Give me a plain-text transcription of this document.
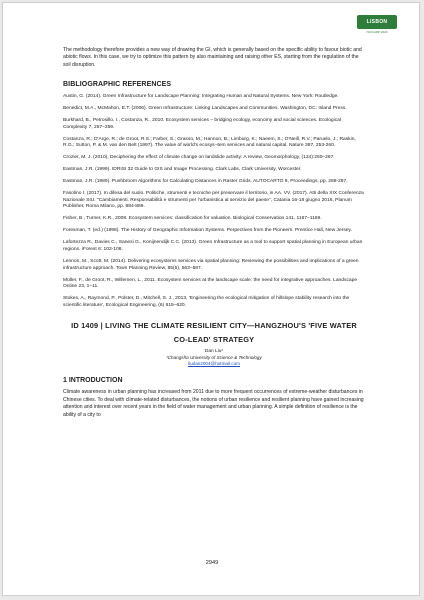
LISBON
ISOCARP 2020

The methodology therefore provides a new way of drawing the GI, which is generally based on the specific ability to favour biotic and abiotic flows. In this case, we try to optimize this pattern by also maintaining and raising other ES, starting from the regulation of the soil disruption.

BIBLIOGRAPHIC REFERENCES

Austin, G. (2014). Green Infrastructure for Landscape Planning: Integrating Human and Natural Systems. New York: Routledge.

Benedict, M.A., McMahon, E.T. (2006). Green Infrastructure: Linking Landscapes and Communities. Washington, DC: Island Press.

Burkhard, B., Petrosillo, I., Costanza, R., 2010. Ecosystem services – bridging ecology, economy and social sciences. Ecological Complexity 7, 257–259.

Costanza, R.; D'Arge, R.; de Groot, R.S.; Farber, S.; Grasso, M.; Hannon, B.; Limburg, K.; Naeem, S.; O'Neill, R.V.; Paruelo, J.; Raskin, R.G.; Sutton, P. & M. van den Belt (1997). The value of world's ecosys¬tem services and natural capital. Nature 387, 253-260.

Crozier, M. J. (2010), Deciphering the effect of climate change on landslide activity: A review, Geomorphology, (124):260–267.

Eastman, J.R. (1999). IDRISI 32 Guide to GIS and Image Processing. Clark Labs, Clark University, Worcester.

Eastman, J.R. (1989). Pushbroom Algorithms for Calculating Distances in Raster Grids. AUTOCARTO 9, Proceedings, pp. 288-297.

Fasolino I. (2017). In difesa del suolo. Politiche, strumenti e tecniche per preservare il territorio, in AA. VV. (2017). Atti della XIX Conferenza Nazionale SIU. "Cambiamenti. Responsabilità e strumenti per l'urbanistica al servizio del paese", Catania 16-18 giugno 2016, Planum Publisher, Roma Milano, pp. 884-889.

Fisher, B., Turner, K.R., 2008. Ecosystem services: classification for valuation. Biological Conservation 141, 1167–1169.

Foresman, T. (ed.) (1998). The History of Geographic Information Systems. Perpectives from the Pioneers. Prentice Hall, New Jersey.

Lafortezza R., Davies C., Sanesi G., Konijnendijk C.C. (2013). Green Infrastructure as a tool to support spatial planning in European urban regions. iForest 6: 102-108.

Lennon, M., Scott, M. (2014). Delivering ecosystems services via spatial planning: Reviewing the possibilities and implications of a green infrastructure approach. Town Planning Review, 85(5), 563–587.

Müller, F., de Groot, R., Willemen, L., 2011. Ecosystem services at the landscape scale: the need for integrative approaches. Landscape Online 23, 1–11.

Stokes, A., Raymond, P., Polster, D., Mitchell, S. J., 2013, 'Engineering the ecological mitigation of hillslope stability research into the scientific literature', Ecological Engineering, (6) 615–620.

ID 1409 | LIVING THE CLIMATE RESILIENT CITY—HANGZHOU'S 'FIVE WATER CO-LEAD' STRATEGY
Dan Liu¹
¹Changsha University of Science & Technology
liudan2004@hotmail.com
1 INTRODUCTION

Climate awareness in urban planning has increased from 2011 due to more frequent occurrences of extreme-weather disturbances in Chinese cities. To deal with climate-related disturbances, the notions of urban resilience and resilient planning have gained increasing attention and interest over recent years in the field of water management and urban planning. A simple definition of resilience is the ability of a city to

2949
